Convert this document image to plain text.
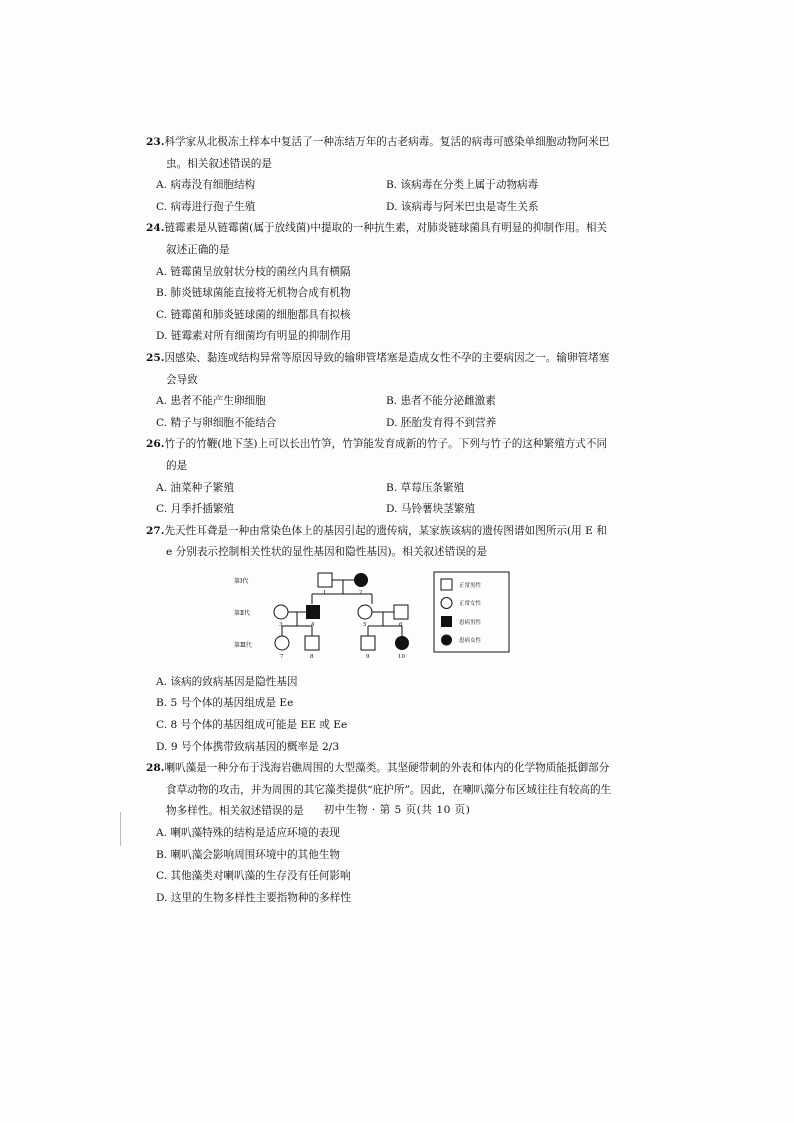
23.科学家从北极冻土样本中复活了一种冻结万年的古老病毒。复活的病毒可感染单细胞动物阿米巴虫。相关叙述错误的是

A. 病毒没有细胞结构	B. 该病毒在分类上属于动物病毒
C. 病毒进行孢子生殖	D. 该病毒与阿米巴虫是寄生关系

24.链霉素是从链霉菌(属于放线菌)中提取的一种抗生素，对肺炎链球菌具有明显的抑制作用。相关叙述正确的是

A. 链霉菌呈放射状分枝的菌丝内具有横隔
B. 肺炎链球菌能直接将无机物合成有机物
C. 链霉菌和肺炎链球菌的细胞都具有拟核
D. 链霉素对所有细菌均有明显的抑制作用

25.因感染、黏连或结构异常等原因导致的输卵管堵塞是造成女性不孕的主要病因之一。输卵管堵塞会导致

A. 患者不能产生卵细胞	B. 患者不能分泌雌激素
C. 精子与卵细胞不能结合	D. 胚胎发育得不到营养

26.竹子的竹鞭(地下茎)上可以长出竹笋，竹笋能发育成新的竹子。下列与竹子的这种繁殖方式不同的是

A. 油菜种子繁殖	B. 草莓压条繁殖
C. 月季扦插繁殖	D. 马铃薯块茎繁殖

27.先天性耳聋是一种由常染色体上的基因引起的遗传病，某家族该病的遗传图谱如图所示(用 E 和 e 分别表示控制相关性状的显性基因和隐性基因)。相关叙述错误的是

第Ⅰ代
第Ⅱ代
第Ⅲ代
1	2
3	4	5	6
7	8	9	10
正常男性
正常女性
患病男性
患病女性
A. 该病的致病基因是隐性基因
B. 5 号个体的基因组成是 Ee
C. 8 号个体的基因组成可能是 EE 或 Ee
D. 9 号个体携带致病基因的概率是 2/3

28.喇叭藻是一种分布于浅海岩礁周围的大型藻类。其坚硬带刺的外表和体内的化学物质能抵御部分食草动物的攻击，并为周围的其它藻类提供“庇护所”。因此，在喇叭藻分布区域往往有较高的生物多样性。相关叙述错误的是

A. 喇叭藻特殊的结构是适应环境的表现
B. 喇叭藻会影响周围环境中的其他生物
C. 其他藻类对喇叭藻的生存没有任何影响
D. 这里的生物多样性主要指物种的多样性
初中生物 · 第 5 页(共 10 页)
